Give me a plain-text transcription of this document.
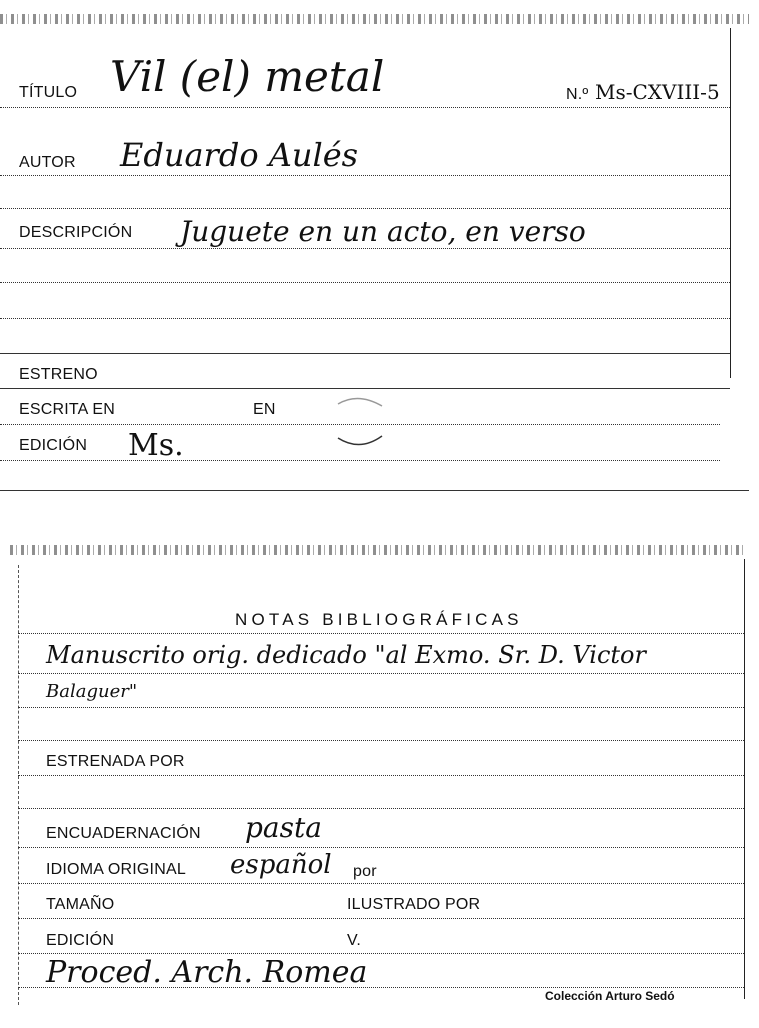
TÍTULO Vil (el) metal	N.º Ms-CXVIII-5
AUTOR Eduardo Aulés
DESCRIPCIÓN Juguete en un acto, en verso
ESTRENO
ESCRITA EN	EN
EDICIÓN Ms.
NOTAS BIBLIOGRÁFICAS
Manuscrito orig. dedicado "al Exmo. Sr. D. Victor
Balaguer"
ESTRENADA POR
ENCUADERNACIÓN pasta
IDIOMA ORIGINAL español por
TAMAÑO	ILUSTRADO POR
EDICIÓN	V.
Proced. Arch. Romea
Colección Arturo Sedó
